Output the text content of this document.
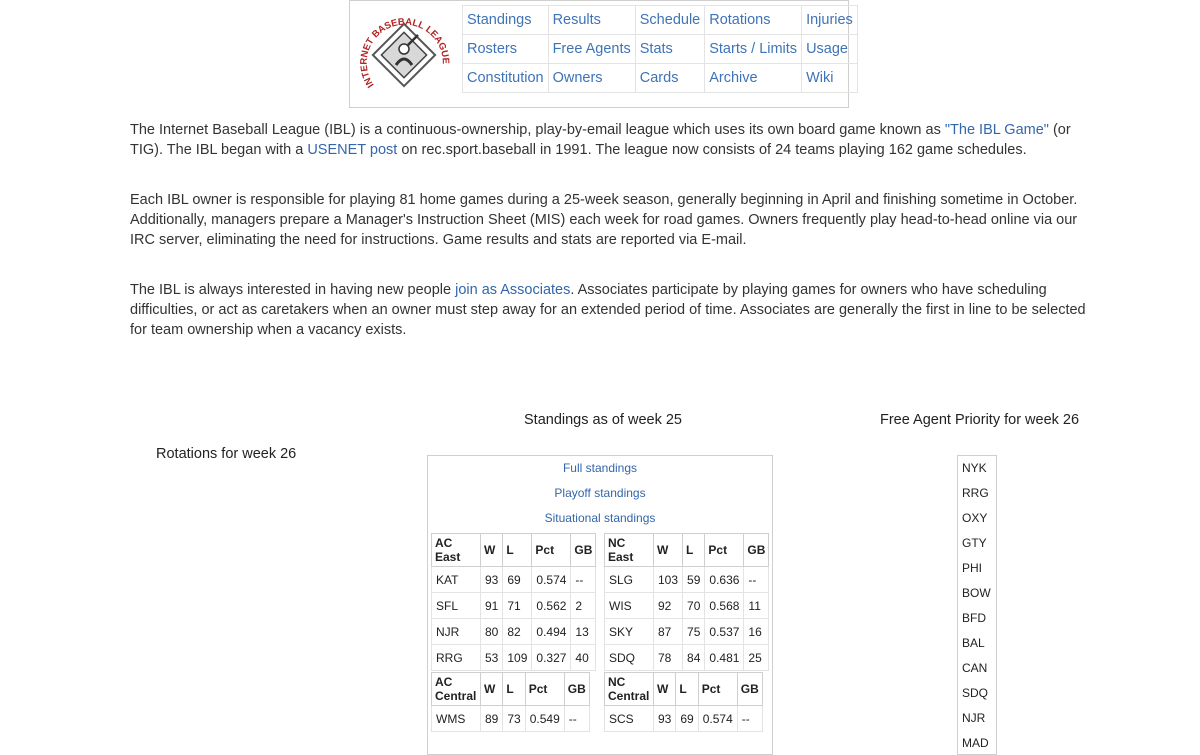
INTERNET BASEBALL LEAGUE
Standings	Results	Schedule	Rotations	Injuries
Rosters	Free Agents	Stats	Starts / Limits	Usage
Constitution	Owners	Cards	Archive	Wiki

The Internet Baseball League (IBL) is a continuous-ownership, play-by-email league which uses its own board game known as "The IBL Game" (or TIG). The IBL began with a USENET post on rec.sport.baseball in 1991. The league now consists of 24 teams playing 162 game schedules.

Each IBL owner is responsible for playing 81 home games during a 25-week season, generally beginning in April and finishing sometime in October. Additionally, managers prepare a Manager's Instruction Sheet (MIS) each week for road games. Owners frequently play head-to-head online via our IRC server, eliminating the need for instructions. Game results and stats are reported via E-mail.

The IBL is always interested in having new people join as Associates. Associates participate by playing games for owners who have scheduling difficulties, or act as caretakers when an owner must step away for an extended period of time. Associates are generally the first in line to be selected for team ownership when a vacancy exists.

Standings as of week 25	Free Agent Priority for week 26
Rotations for week 26
Full standings
Playoff standings
Situational standings
AC East	W	L	Pct	GB
KAT	93	69	0.574	--
SFL	91	71	0.562	2
NJR	80	82	0.494	13
RRG	53	109	0.327	40
NC East	W	L	Pct	GB
SLG	103	59	0.636	--
WIS	92	70	0.568	11
SKY	87	75	0.537	16
SDQ	78	84	0.481	25
AC Central	W	L	Pct	GB
WMS	89	73	0.549	--
NC Central	W	L	Pct	GB
SCS	93	69	0.574	--
NYK
RRG
OXY
GTY
PHI
BOW
BFD
BAL
CAN
SDQ
NJR
MAD
